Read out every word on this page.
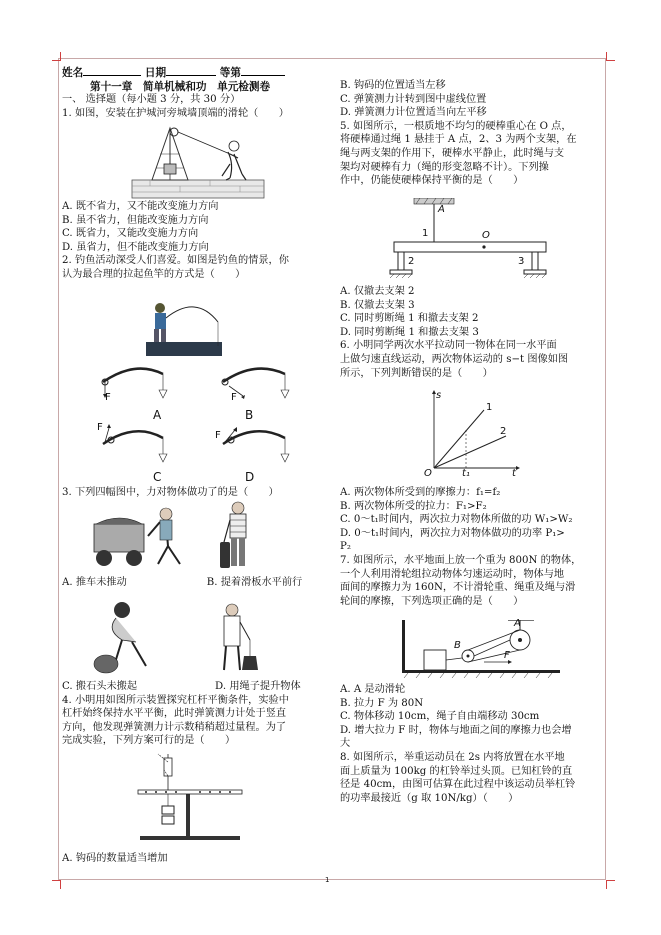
姓名	日期	等第
第十一章　简单机械和功　单元检测卷
一、 选择题（每小题 3 分，共 30 分）
1. 如图，安装在护城河旁城墙顶端的滑轮（　　）
A. 既不省力，又不能改变施力方向
B. 虽不省力，但能改变施力方向
C. 既省力，又能改变施力方向
D. 虽省力，但不能改变施力方向
2. 钓鱼活动深受人们喜爱。如图是钓鱼的情景，你
认为最合理的拉起鱼竿的方式是（　　）
F	F
F
F
A	B
C	D
3. 下列四幅图中，力对物体做功了的是（　　）
A. 推车未推动	B. 提着滑板水平前行
C. 搬石头未搬起	D. 用绳子提升物体
4. 小明用如图所示装置探究杠杆平衡条件，实验中
杠杆始终保持水平平衡，此时弹簧测力计处于竖直
方向，他发现弹簧测力计示数稍稍超过量程。为了
完成实验，下列方案可行的是（　　）
A. 钩码的数量适当增加
B. 钩码的位置适当左移
C. 弹簧测力计转到图中虚线位置
D. 弹簧测力计位置适当向左平移
5. 如图所示，一根质地不均匀的硬棒重心在 O 点，
将硬棒通过绳 1 悬挂于 A 点，2、3 为两个支架，在
绳与两支架的作用下，硬棒水平静止，此时绳与支
架均对硬棒有力（绳的形变忽略不计）。下列操
作中，仍能使硬棒保持平衡的是（　　）
A
1	O
2	3
A. 仅撤去支架 2
B. 仅撤去支架 3
C. 同时剪断绳 1 和撤去支架 2
D. 同时剪断绳 1 和撤去支架 3
6. 小明同学两次水平拉动同一物体在同一水平面
上做匀速直线运动，两次物体运动的 s−t 图像如图
所示，下列判断错误的是（　　）
s
t
O	t₁
1
2
A. 两次物体所受到的摩擦力：f₁=f₂
B. 两次物体所受的拉力：F₁>F₂
C. 0～t₁时间内，两次拉力对物体所做的功 W₁>W₂
D. 0～t₁时间内，两次拉力对物体做功的功率 P₁>
P₂
7. 如图所示，水平地面上放一个重为 800N 的物体，
一个人利用滑轮组拉动物体匀速运动时，物体与地
面间的摩擦力为 160N，不计滑轮重、绳重及绳与滑
轮间的摩擦，下列选项正确的是（　　）
A
B
F
A. A 是动滑轮
B. 拉力 F 为 80N
C. 物体移动 10cm，绳子自由端移动 30cm
D. 增大拉力 F 时，物体与地面之间的摩擦力也会增
大
8. 如图所示，举重运动员在 2s 内将放置在水平地
面上质量为 100kg 的杠铃举过头顶。已知杠铃的直
径是 40cm，由图可估算在此过程中该运动员举杠铃
的功率最接近（g 取 10N/kg）（　　）
1
